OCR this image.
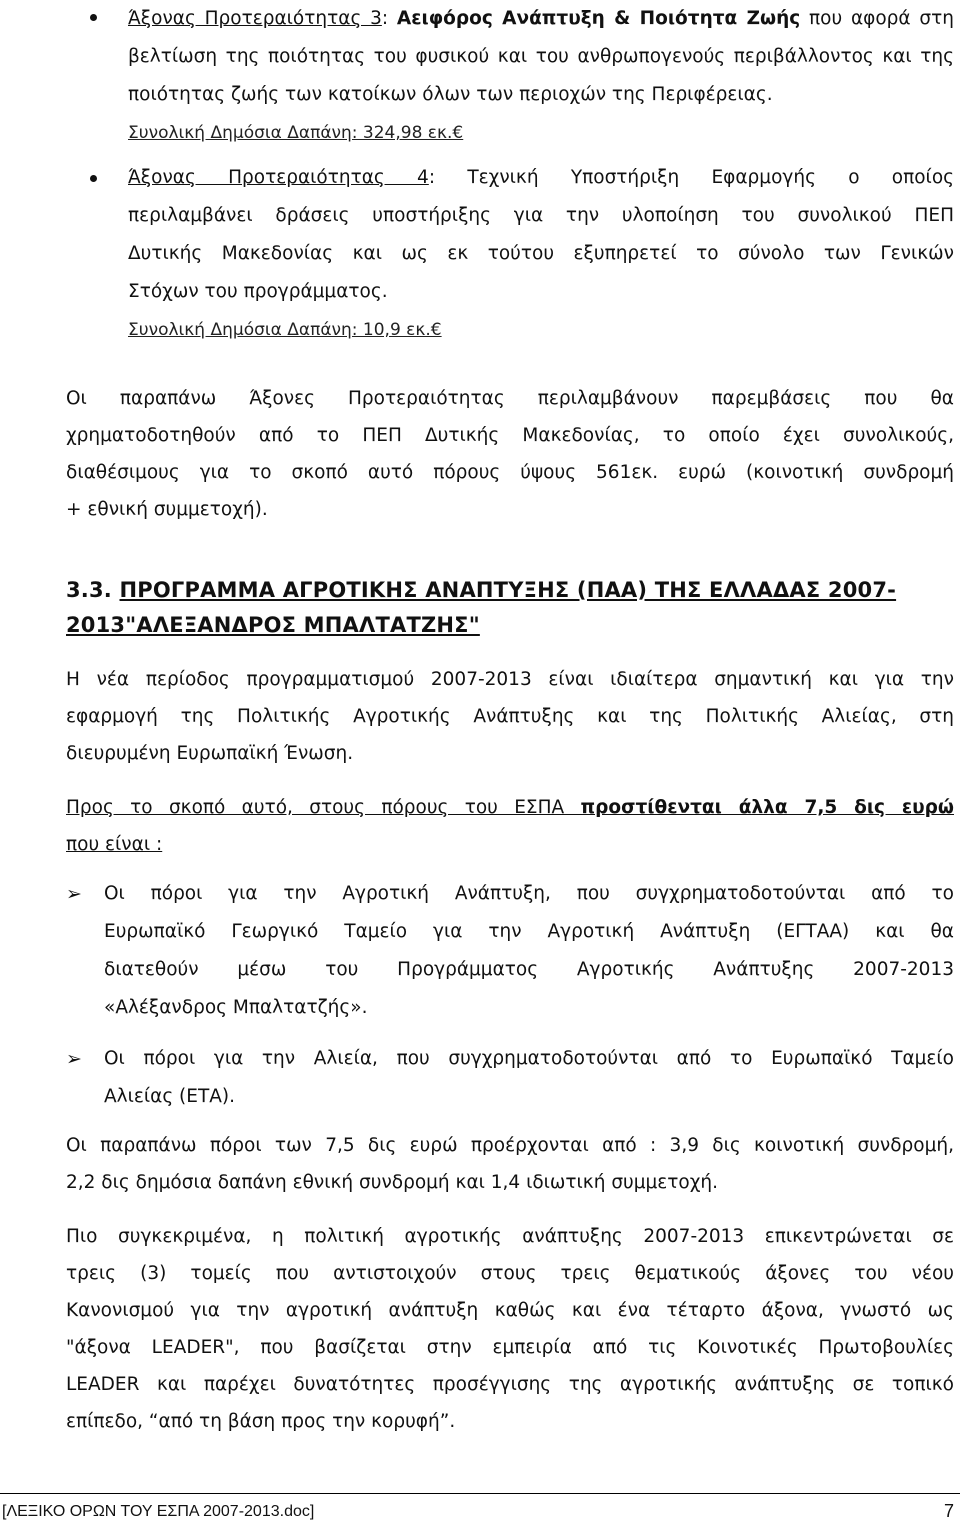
Άξονας Προτεραιότητας 3: Αειφόρος Ανάπτυξη & Ποιότητα Ζωής που αφορά στη
βελτίωση της ποιότητας του φυσικού και του ανθρωπογενούς περιβάλλοντος και της
ποιότητας ζωής των κατοίκων όλων των περιοχών της Περιφέρειας.
Συνολική Δημόσια Δαπάνη: 324,98 εκ.€
Άξονας Προτεραιότητας 4: Τεχνική Υποστήριξη Εφαρμογής ο οποίος
περιλαμβάνει δράσεις υποστήριξης για την υλοποίηση του συνολικού ΠΕΠ
Δυτικής Μακεδονίας και ως εκ τούτου εξυπηρετεί το σύνολο των Γενικών
Στόχων του προγράμματος.
Συνολική Δημόσια Δαπάνη: 10,9 εκ.€
Οι παραπάνω Άξονες Προτεραιότητας περιλαμβάνουν παρεμβάσεις που θα
χρηματοδοτηθούν από το ΠΕΠ Δυτικής Μακεδονίας, το οποίο έχει συνολικούς,
διαθέσιμους για το σκοπό αυτό πόρους ύψους 561εκ. ευρώ (κοινοτική συνδρομή
+ εθνική συμμετοχή).
3.3. ΠΡΟΓΡΑΜΜΑ ΑΓΡΟΤΙΚΗΣ ΑΝΑΠΤΥΞΗΣ (ΠΑΑ) ΤΗΣ ΕΛΛΑΔΑΣ 2007-
2013"ΑΛΕΞΑΝΔΡΟΣ ΜΠΑΛΤΑΤΖΗΣ"
Η νέα περίοδος προγραμματισμού 2007-2013 είναι ιδιαίτερα σημαντική και για την
εφαρμογή της Πολιτικής Αγροτικής Ανάπτυξης και της Πολιτικής Αλιείας, στη
διευρυμένη Ευρωπαϊκή Ένωση.
Προς το σκοπό αυτό, στους πόρους του ΕΣΠΑ προστίθενται άλλα 7,5 δις ευρώ
που είναι :
➢ Οι πόροι για την Αγροτική Ανάπτυξη, που συγχρηματοδοτούνται από το
Ευρωπαϊκό Γεωργικό Ταμείο για την Αγροτική Ανάπτυξη (ΕΓΤΑΑ) και θα
διατεθούν μέσω του Προγράμματος Αγροτικής Ανάπτυξης 2007-2013
«Αλέξανδρος Μπαλτατζής».
➢ Οι πόροι για την Αλιεία, που συγχρηματοδοτούνται από το Ευρωπαϊκό Ταμείο
Αλιείας (ΕΤΑ).
Οι παραπάνω πόροι των 7,5 δις ευρώ προέρχονται από : 3,9 δις κοινοτική συνδρομή,
2,2 δις δημόσια δαπάνη εθνική συνδρομή και 1,4 ιδιωτική συμμετοχή.
Πιο συγκεκριμένα, η πολιτική αγροτικής ανάπτυξης 2007-2013 επικεντρώνεται σε
τρεις (3) τομείς που αντιστοιχούν στους τρεις θεματικούς άξονες του νέου
Κανονισμού για την αγροτική ανάπτυξη καθώς και ένα τέταρτο άξονα, γνωστό ως
"άξονα LEADER", που βασίζεται στην εμπειρία από τις Κοινοτικές Πρωτοβουλίες
LEADER και παρέχει δυνατότητες προσέγγισης της αγροτικής ανάπτυξης σε τοπικό
επίπεδο, “από τη βάση προς την κορυφή”.
[ΛΕΞΙΚΟ ΟΡΩΝ ΤΟΥ ΕΣΠΑ 2007-2013.doc]	7
